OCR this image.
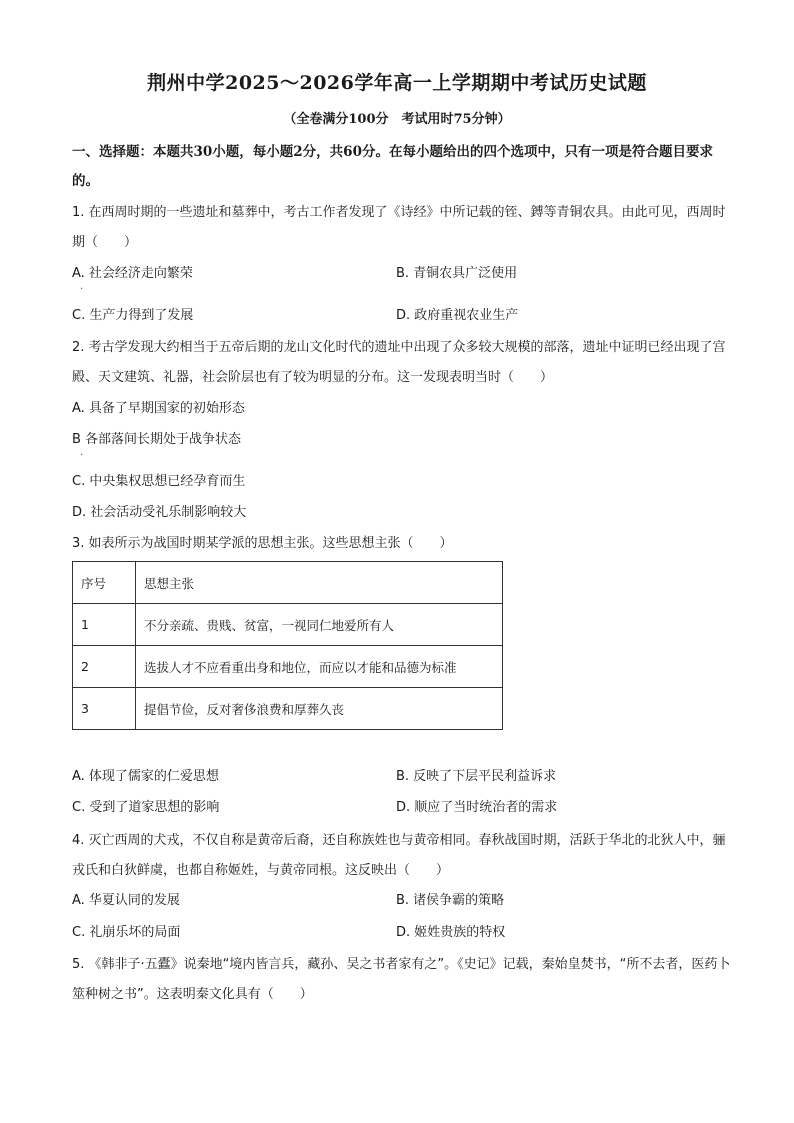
荆州中学2025～2026学年高一上学期期中考试历史试题
（全卷满分100分　考试用时75分钟）
一、选择题：本题共30小题，每小题2分，共60分。在每小题给出的四个选项中，只有一项是符合题目要求的。
1. 在西周时期的一些遗址和墓葬中，考古工作者发现了《诗经》中所记载的铚、鎛等青铜农具。由此可见，西周时期（　　）
A. 社会经济走向繁荣	B. 青铜农具广泛使用
·
C. 生产力得到了发展	D. 政府重视农业生产
2. 考古学发现大约相当于五帝后期的龙山文化时代的遗址中出现了众多较大规模的部落，遗址中证明已经出现了宫殿、天文建筑、礼器，社会阶层也有了较为明显的分布。这一发现表明当时（　　）
A. 具备了早期国家的初始形态
B 各部落间长期处于战争状态
·
C. 中央集权思想已经孕育而生
D. 社会活动受礼乐制影响较大
3. 如表所示为战国时期某学派的思想主张。这些思想主张（　　）
序号	思想主张
1	不分亲疏、贵贱、贫富，一视同仁地爱所有人
2	选拔人才不应看重出身和地位，而应以才能和品德为标准
3	提倡节俭，反对奢侈浪费和厚葬久丧
A. 体现了儒家的仁爱思想	B. 反映了下层平民利益诉求
C. 受到了道家思想的影响	D. 顺应了当时统治者的需求
4. 灭亡西周的犬戎，不仅自称是黄帝后裔，还自称族姓也与黄帝相同。春秋战国时期，活跃于华北的北狄人中，骊戎氏和白狄鲜虞，也都自称姬姓，与黄帝同根。这反映出（　　）
A. 华夏认同的发展	B. 诸侯争霸的策略
C. 礼崩乐坏的局面	D. 姬姓贵族的特权
5. 《韩非子·五蠹》说秦地“境内皆言兵，藏孙、吴之书者家有之”。《史记》记载，秦始皇焚书，“所不去者，医药卜筮种树之书”。这表明秦文化具有（　　）
